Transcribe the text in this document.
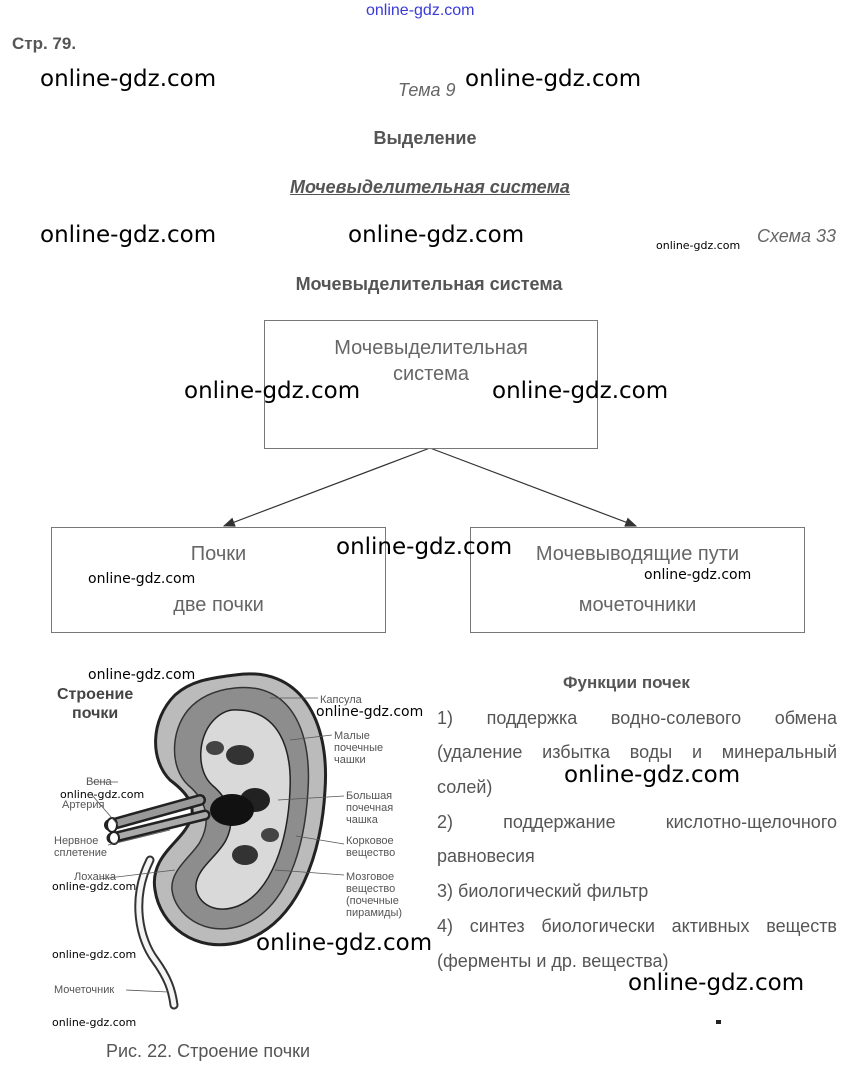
online-gdz.com
Стр. 79.
Тема 9
Выделение
Мочевыделительная система
Схема 33
Мочевыделительная система
Мочевыделительная
система
Почки
две почки
Мочевыводящие пути
мочеточники
Строение
почки
Капсула
Малые
почечные
чашки
Вена
Артерия
Большая
почечная
чашка
Нервное
сплетение
Корковое
вещество
Лоханка	Мозговое
вещество
(почечные
пирамиды)
Мочеточник
Рис. 22. Строение почки
Функции почек
1) поддержка водно-солевого обмена
(удаление избытка воды и минеральный
солей)
2) поддержание кислотно-щелочного
равновесия
3) биологический фильтр
4) синтез биологически активных веществ
(ферменты и др. вещества)
online-gdz.com	online-gdz.com
online-gdz.com	online-gdz.com	online-gdz.com
online-gdz.com	online-gdz.com
online-gdz.com
online-gdz.com	online-gdz.com
online-gdz.com
online-gdz.com
online-gdz.com
online-gdz.com
online-gdz.com
online-gdz.com
online-gdz.com
online-gdz.com
online-gdz.com
